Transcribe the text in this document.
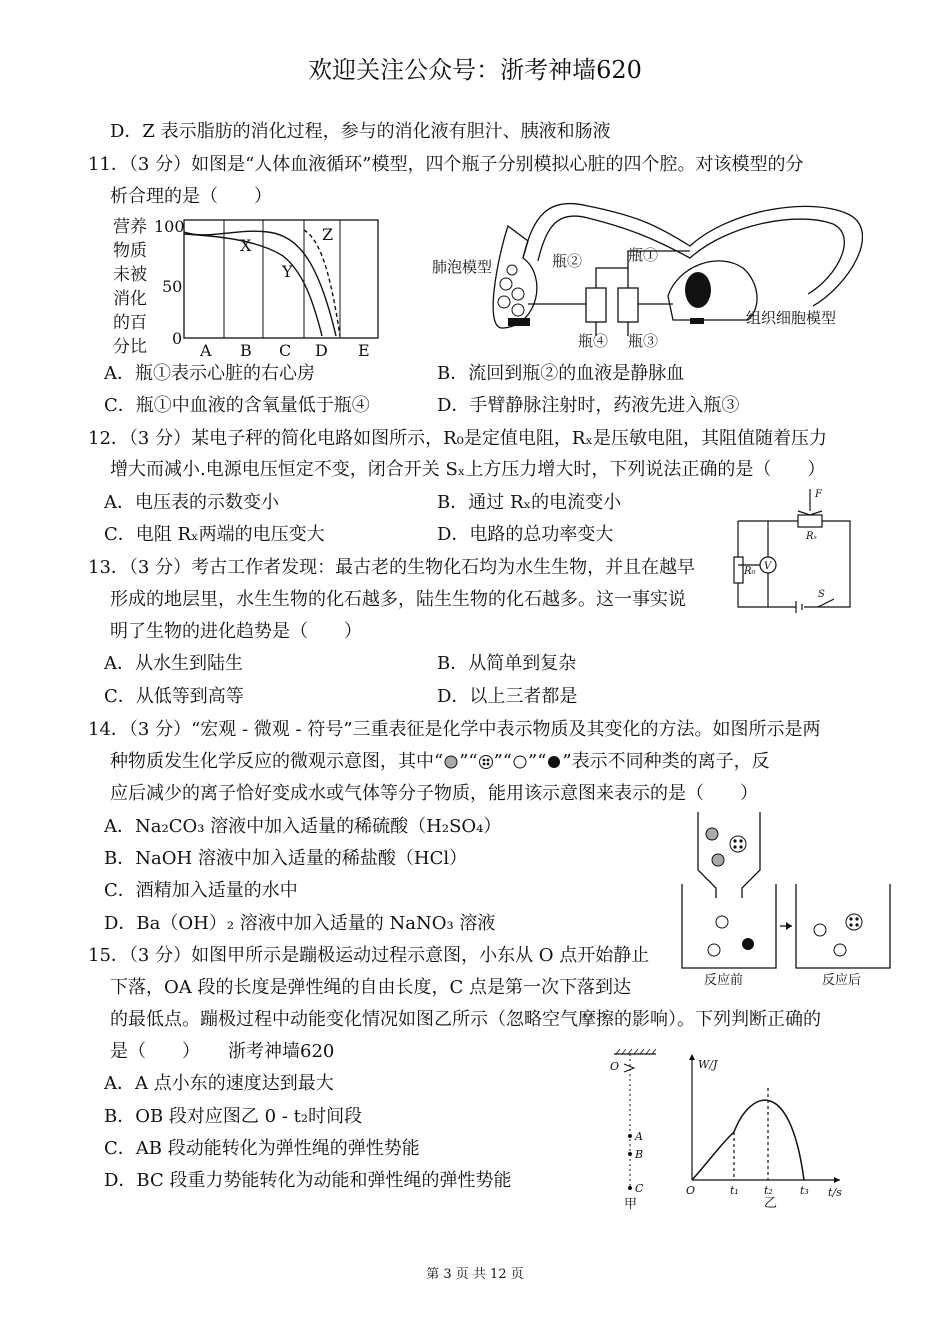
欢迎关注公众号：浙考神墙620
D．Z 表示脂肪的消化过程，参与的消化液有胆汁、胰液和肠液
11．（3 分）如图是“人体血液循环”模型，四个瓶子分别模拟心脏的四个腔。对该模型的分
析合理的是（　　）
营养
物质
未被
消化
的百
分比
100
50
0
X
Y
Z
A B C D E
肺泡模型
组织细胞模型
瓶①
瓶②
瓶③
瓶④
A．瓶①表示心脏的右心房	B．流回到瓶②的血液是静脉血
C．瓶①中血液的含氧量低于瓶④	D．手臂静脉注射时，药液先进入瓶③
12．（3 分）某电子秤的简化电路如图所示，R₀是定值电阻，Rₓ是压敏电阻，其阻值随着压力
增大而减小.电源电压恒定不变，闭合开关 Sₓ上方压力增大时，下列说法正确的是（　　）
A．电压表的示数变小	B．通过 Rₓ的电流变小
C．电阻 Rₓ两端的电压变大	D．电路的总功率变大
F
Rₓ
R₀ V
S
13．（3 分）考古工作者发现：最古老的生物化石均为水生生物，并且在越早
形成的地层里，水生生物的化石越多，陆生生物的化石越多。这一事实说
明了生物的进化趋势是（　　）
A．从水生到陆生	B．从简单到复杂
C．从低等到高等	D．以上三者都是
14．（3 分）“宏观 - 微观 - 符号”三重表征是化学中表示物质及其变化的方法。如图所示是两
种物质发生化学反应的微观示意图，其中“ ”“ ”“ ”“ ”表示不同种类的离子，反
应后减少的离子恰好变成水或气体等分子物质，能用该示意图来表示的是（　　）
A．Na₂CO₃ 溶液中加入适量的稀硫酸（H₂SO₄）
B．NaOH 溶液中加入适量的稀盐酸（HCl）
C．酒精加入适量的水中
D．Ba（OH）₂ 溶液中加入适量的 NaNO₃ 溶液
反应前	反应后
15．（3 分）如图甲所示是蹦极运动过程示意图，小东从 O 点开始静止
下落，OA 段的长度是弹性绳的自由长度，C 点是第一次下落到达
的最低点。蹦极过程中动能变化情况如图乙所示（忽略空气摩擦的影响）。下列判断正确的
是（　　） 浙考神墙620
A．A 点小东的速度达到最大
B．OB 段对应图乙 0 - t₂时间段
C．AB 段动能转化为弹性绳的弹性势能
D．BC 段重力势能转化为动能和弹性绳的弹性势能
O
A
B
C
甲
W/J
t/s
O	t₁ t₂ t₃
乙
第 3 页 共 12 页
